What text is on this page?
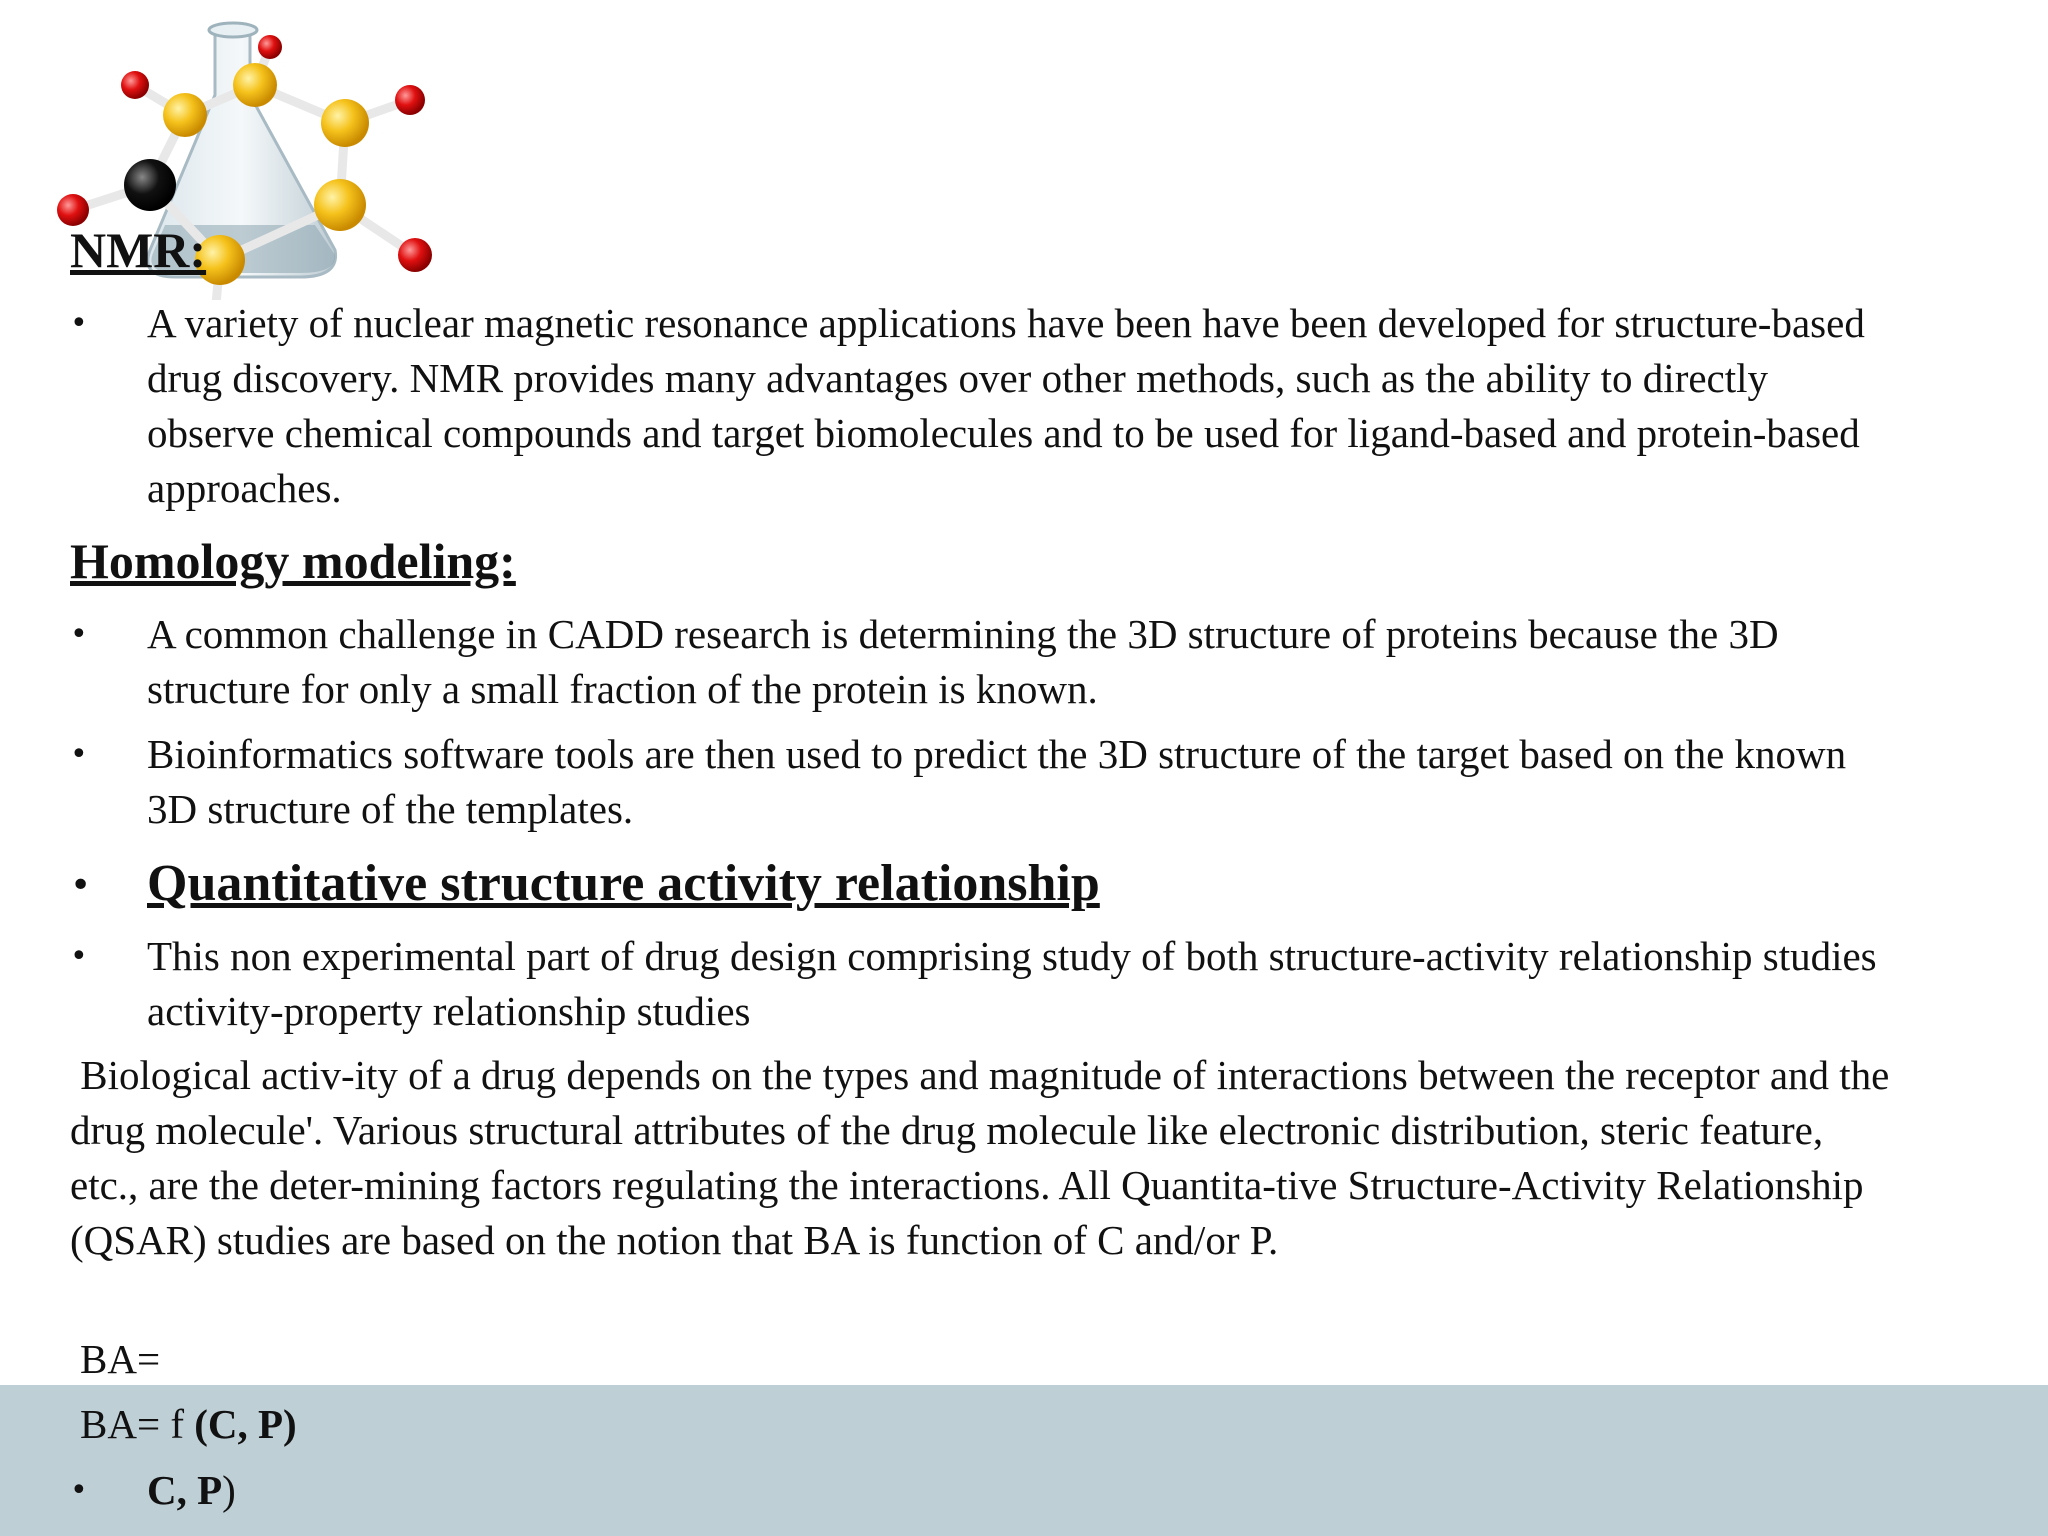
NMR:
•	A variety of nuclear magnetic resonance applications have been have been developed for structure-based drug discovery. NMR provides many advantages over other methods, such as the ability to directly observe chemical compounds and target biomolecules and to be used for ligand-based and protein-based approaches.
Homology modeling:
•	A common challenge in CADD research is determining the 3D structure of proteins because the 3D structure for only a small fraction of the protein is known.
•	Bioinformatics software tools are then used to predict the 3D structure of the target based on the known 3D structure of the templates.
•	Quantitative structure activity relationship
•	This non experimental part of drug design comprising study of both structure-activity relationship studies activity-property relationship studies

Biological activ-ity of a drug depends on the types and magnitude of interactions between the receptor and the drug molecule'. Various structural attributes of the drug molecule like electronic distribution, steric feature, etc., are the deter-mining factors regulating the interactions. All Quantita-tive Structure-Activity Relationship (QSAR) studies are based on the notion that BA is function of C and/or P.

BA=

BA= f (C, P)

•	C, P)
